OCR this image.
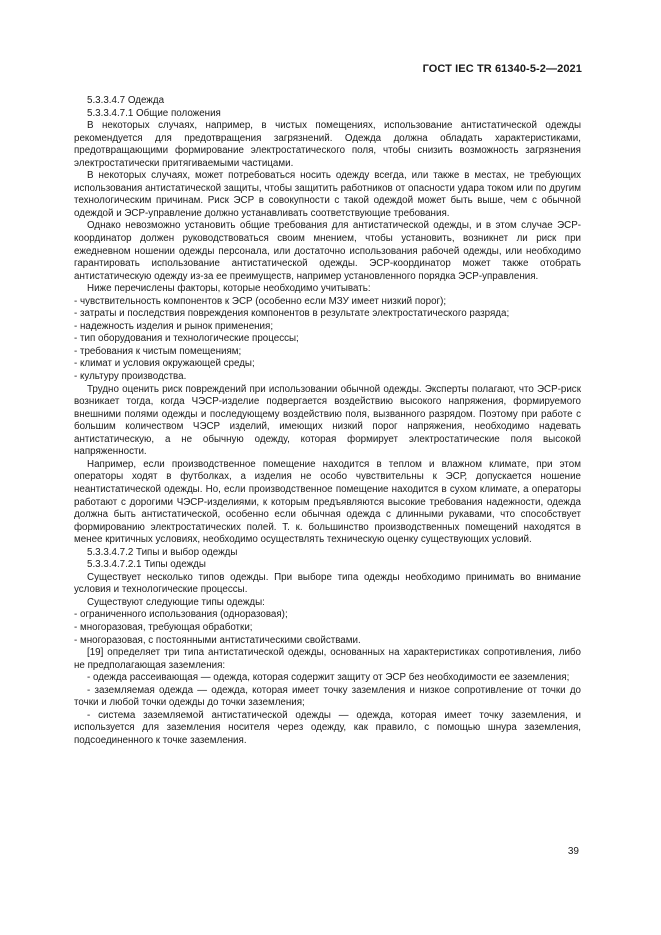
ГОСТ IEC TR 61340-5-2—2021

5.3.3.4.7 Одежда

5.3.3.4.7.1 Общие положения

В некоторых случаях, например, в чистых помещениях, использование антистатической одежды рекомендуется для предотвращения загрязнений. Одежда должна обладать характеристиками, предотвращающими формирование электростатического поля, чтобы снизить возможность загрязнения электростатически притягиваемыми частицами.

В некоторых случаях, может потребоваться носить одежду всегда, или также в местах, не требующих использования антистатической защиты, чтобы защитить работников от опасности удара током или по другим технологическим причинам. Риск ЭСР в совокупности с такой одеждой может быть выше, чем с обычной одеждой и ЭСР-управление должно устанавливать соответствующие требования.

Однако невозможно установить общие требования для антистатической одежды, и в этом случае ЭСР-координатор должен руководствоваться своим мнением, чтобы установить, возникнет ли риск при ежедневном ношении одежды персонала, или достаточно использования рабочей одежды, или необходимо гарантировать использование антистатической одежды. ЭСР-координатор может также отобрать антистатическую одежду из-за ее преимуществ, например установленного порядка ЭСР-управления.

Ниже перечислены факторы, которые необходимо учитывать:

- чувствительность компонентов к ЭСР (особенно если МЗУ имеет низкий порог);

- затраты и последствия повреждения компонентов в результате электростатического разряда;

- надежность изделия и рынок применения;

- тип оборудования и технологические процессы;

- требования к чистым помещениям;

- климат и условия окружающей среды;

- культуру производства.

Трудно оценить риск повреждений при использовании обычной одежды. Эксперты полагают, что ЭСР-риск возникает тогда, когда ЧЭСР-изделие подвергается воздействию высокого напряжения, формируемого внешними полями одежды и последующему воздействию поля, вызванного разрядом. Поэтому при работе с большим количеством ЧЭСР изделий, имеющих низкий порог напряжения, необходимо надевать антистатическую, а не обычную одежду, которая формирует электростатические поля высокой напряженности.

Например, если производственное помещение находится в теплом и влажном климате, при этом операторы ходят в футболках, а изделия не особо чувствительны к ЭСР, допускается ношение неантистатической одежды. Но, если производственное помещение находится в сухом климате, а операторы работают с дорогими ЧЭСР-изделиями, к которым предъявляются высокие требования надежности, одежда должна быть антистатической, особенно если обычная одежда с длинными рукавами, что способствует формированию электростатических полей. Т. к. большинство производственных помещений находятся в менее критичных условиях, необходимо осуществлять техническую оценку существующих условий.

5.3.3.4.7.2 Типы и выбор одежды

5.3.3.4.7.2.1 Типы одежды

Существует несколько типов одежды. При выборе типа одежды необходимо принимать во внимание условия и технологические процессы.

Существуют следующие типы одежды:

- ограниченного использования (одноразовая);

- многоразовая, требующая обработки;

- многоразовая, с постоянными антистатическими свойствами.

[19] определяет три типа антистатической одежды, основанных на характеристиках сопротивления, либо не предполагающая заземления:

- одежда рассеивающая — одежда, которая содержит защиту от ЭСР без необходимости ее заземления;

- заземляемая одежда — одежда, которая имеет точку заземления и низкое сопротивление от точки до точки и любой точки одежды до точки заземления;

- система заземляемой антистатической одежды — одежда, которая имеет точку заземления, и используется для заземления носителя через одежду, как правило, с помощью шнура заземления, подсоединенного к точке заземления.

39
